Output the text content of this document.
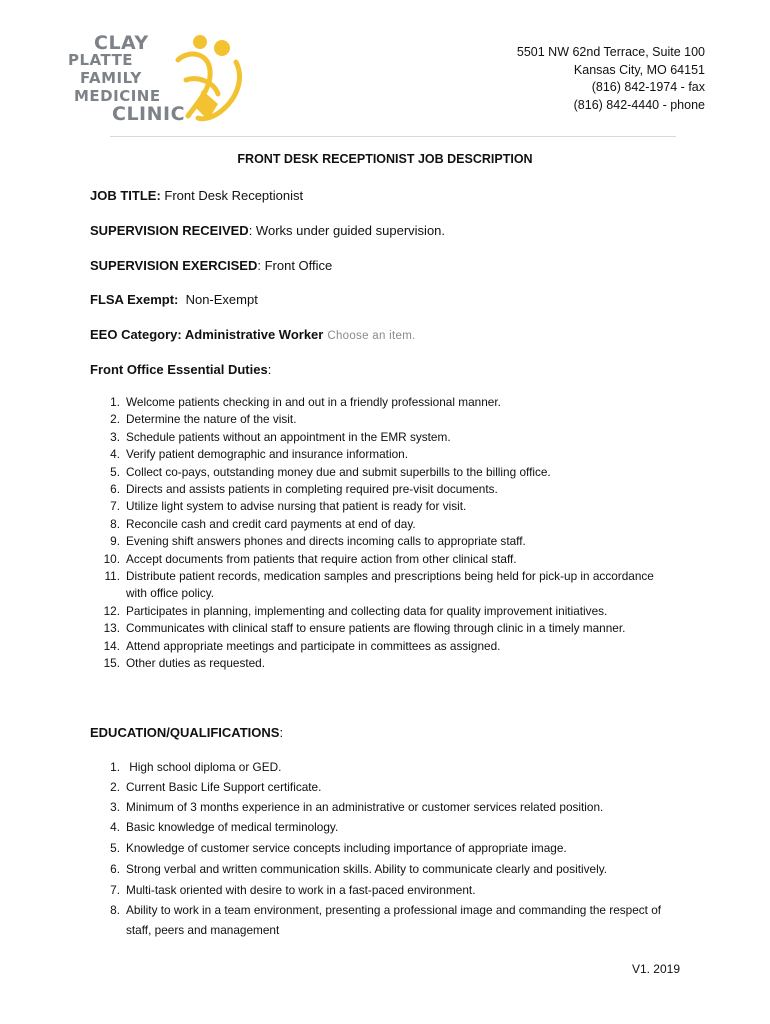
CLAY
PLATTE
FAMILY
MEDICINE
CLINIC
5501 NW 62nd Terrace, Suite 100
Kansas City, MO 64151
(816) 842-1974 - fax
(816) 842-4440 - phone
FRONT DESK RECEPTIONIST JOB DESCRIPTION
JOB TITLE: Front Desk Receptionist
SUPERVISION RECEIVED: Works under guided supervision.
SUPERVISION EXERCISED: Front Office
FLSA Exempt:  Non-Exempt
EEO Category: Administrative Worker Choose an item.
Front Office Essential Duties:
1. Welcome patients checking in and out in a friendly professional manner.
2. Determine the nature of the visit.
3. Schedule patients without an appointment in the EMR system.
4. Verify patient demographic and insurance information.
5. Collect co-pays, outstanding money due and submit superbills to the billing office.
6. Directs and assists patients in completing required pre-visit documents.
7. Utilize light system to advise nursing that patient is ready for visit.
8. Reconcile cash and credit card payments at end of day.
9. Evening shift answers phones and directs incoming calls to appropriate staff.
10. Accept documents from patients that require action from other clinical staff.
11. Distribute patient records, medication samples and prescriptions being held for pick-up in accordance with office policy.
12. Participates in planning, implementing and collecting data for quality improvement initiatives.
13. Communicates with clinical staff to ensure patients are flowing through clinic in a timely manner.
14. Attend appropriate meetings and participate in committees as assigned.
15. Other duties as requested.
EDUCATION/QUALIFICATIONS:
1. High school diploma or GED.
2. Current Basic Life Support certificate.
3. Minimum of 3 months experience in an administrative or customer services related position.
4. Basic knowledge of medical terminology.
5. Knowledge of customer service concepts including importance of appropriate image.
6. Strong verbal and written communication skills. Ability to communicate clearly and positively.
7. Multi-task oriented with desire to work in a fast-paced environment.
8. Ability to work in a team environment, presenting a professional image and commanding the respect of staff, peers and management
V1. 2019
